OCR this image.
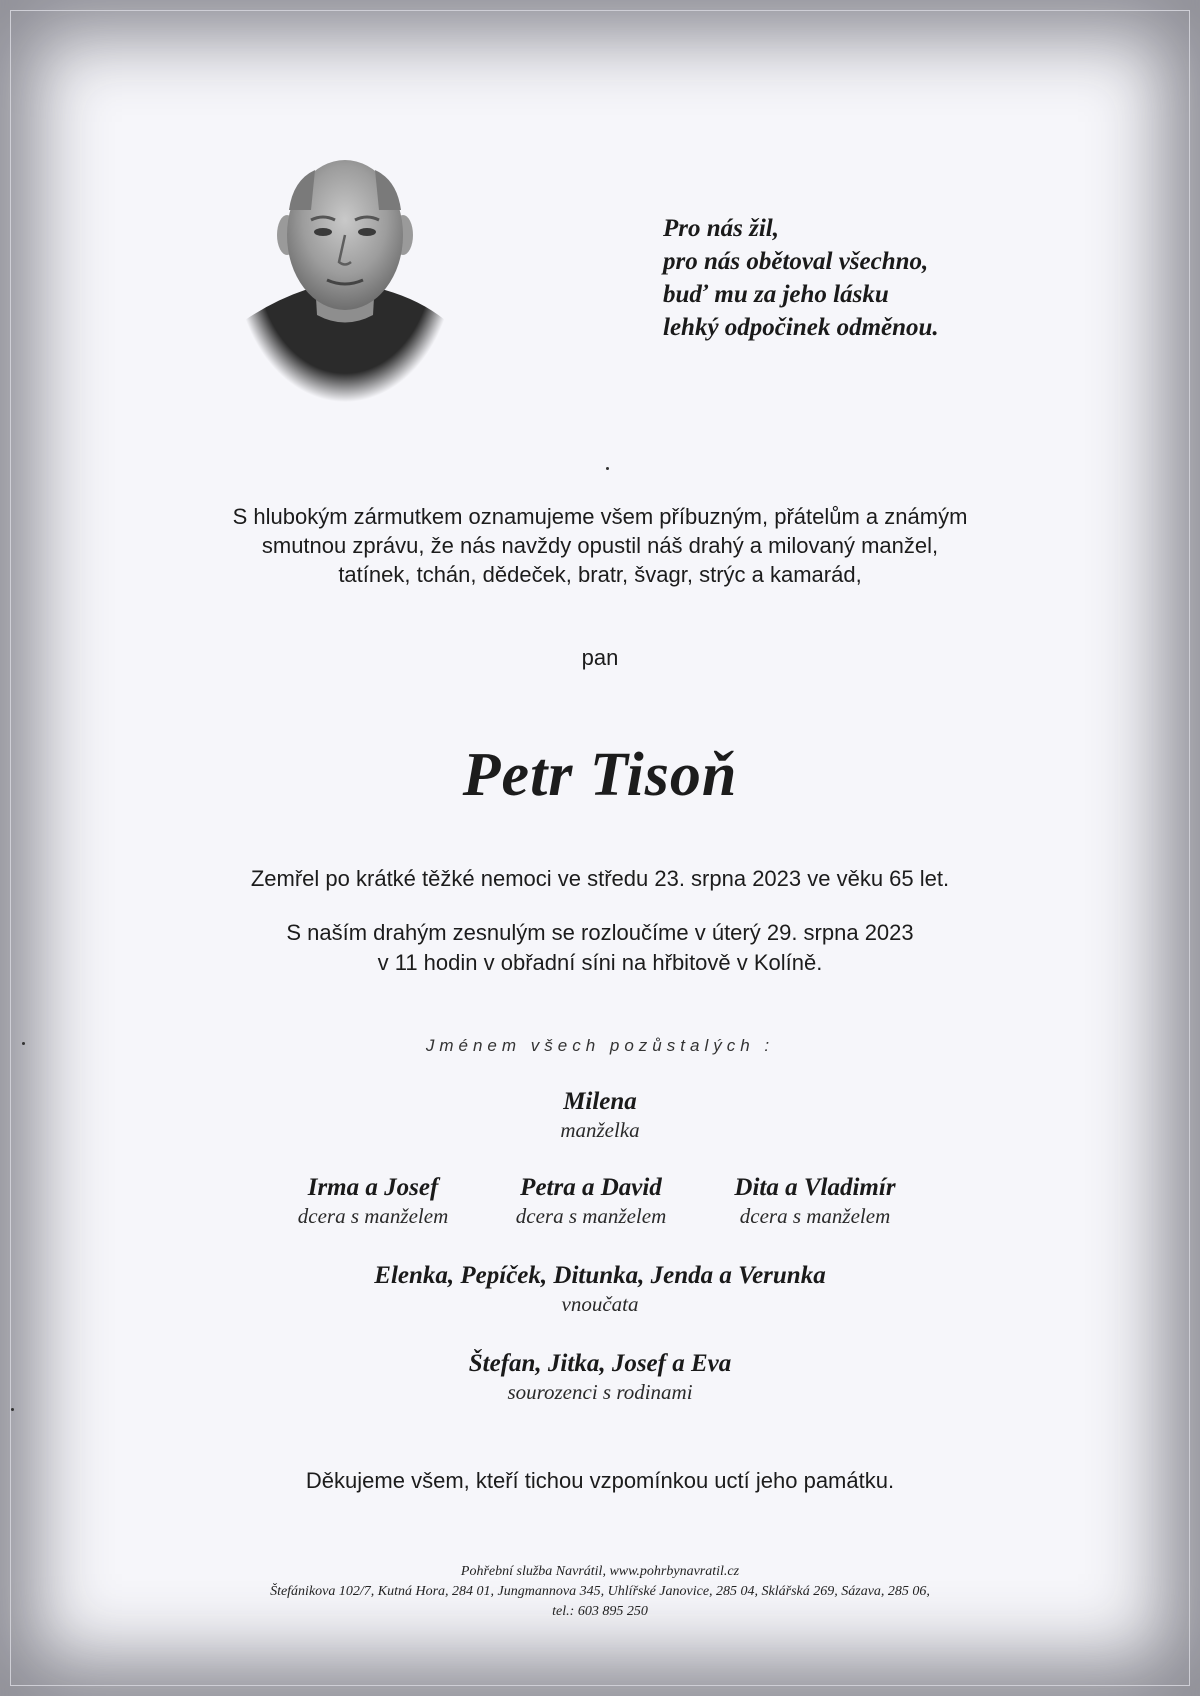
Pro nás žil,
pro nás obětoval všechno,
buď mu za jeho lásku
lehký odpočinek odměnou.
S hlubokým zármutkem oznamujeme všem příbuzným, přátelům a známým
smutnou zprávu, že nás navždy opustil náš drahý a milovaný manžel,
tatínek, tchán, dědeček, bratr, švagr, strýc a kamarád,
pan
Petr Tisoň
Zemřel po krátké těžké nemoci ve středu 23. srpna 2023 ve věku 65 let.
S naším drahým zesnulým se rozloučíme v úterý 29. srpna 2023
v 11 hodin v obřadní síni na hřbitově v Kolíně.
Jménem všech pozůstalých :
Milena
manželka
Irma a Josef
dcera s manželem
Petra a David
dcera s manželem
Dita a Vladimír
dcera s manželem
Elenka, Pepíček, Ditunka, Jenda a Verunka
vnoučata
Štefan, Jitka, Josef a Eva
sourozenci s rodinami
Děkujeme všem, kteří tichou vzpomínkou uctí jeho památku.
Pohřební služba Navrátil, www.pohrbynavratil.cz
Štefánikova 102/7, Kutná Hora, 284 01, Jungmannova 345, Uhlířské Janovice, 285 04, Sklářská 269, Sázava, 285 06,
tel.: 603 895 250
